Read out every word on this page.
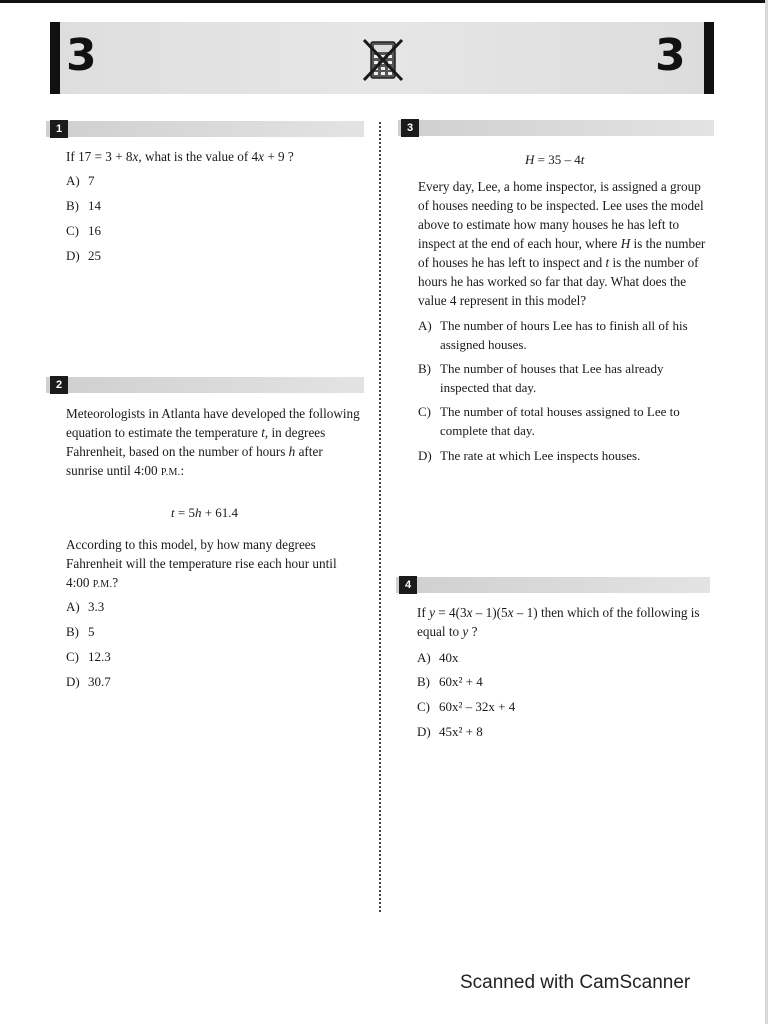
3	3
1
If 17 = 3 + 8x, what is the value of 4x + 9 ?
A) 7
B) 14
C) 16
D) 25
2
Meteorologists in Atlanta have developed the following
equation to estimate the temperature t, in degrees
Fahrenheit, based on the number of hours h after
sunrise until 4:00 P.M.:
t = 5h + 61.4
According to this model, by how many degrees
Fahrenheit will the temperature rise each hour until
4:00 P.M.?
A) 3.3
B) 5
C) 12.3
D) 30.7
3
H = 35 – 4t
Every day, Lee, a home inspector, is assigned a group
of houses needing to be inspected. Lee uses the model
above to estimate how many houses he has left to
inspect at the end of each hour, where H is the number
of houses he has left to inspect and t is the number of
hours he has worked so far that day. What does the
value 4 represent in this model?
A) The number of hours Lee has to finish all of his
assigned houses.
B) The number of houses that Lee has already
inspected that day.
C) The number of total houses assigned to Lee to
complete that day.
D) The rate at which Lee inspects houses.
4
If y = 4(3x – 1)(5x – 1) then which of the following is
equal to y ?
A) 40x
B) 60x² + 4
C) 60x² – 32x + 4
D) 45x² + 8
Scanned with CamScanner
